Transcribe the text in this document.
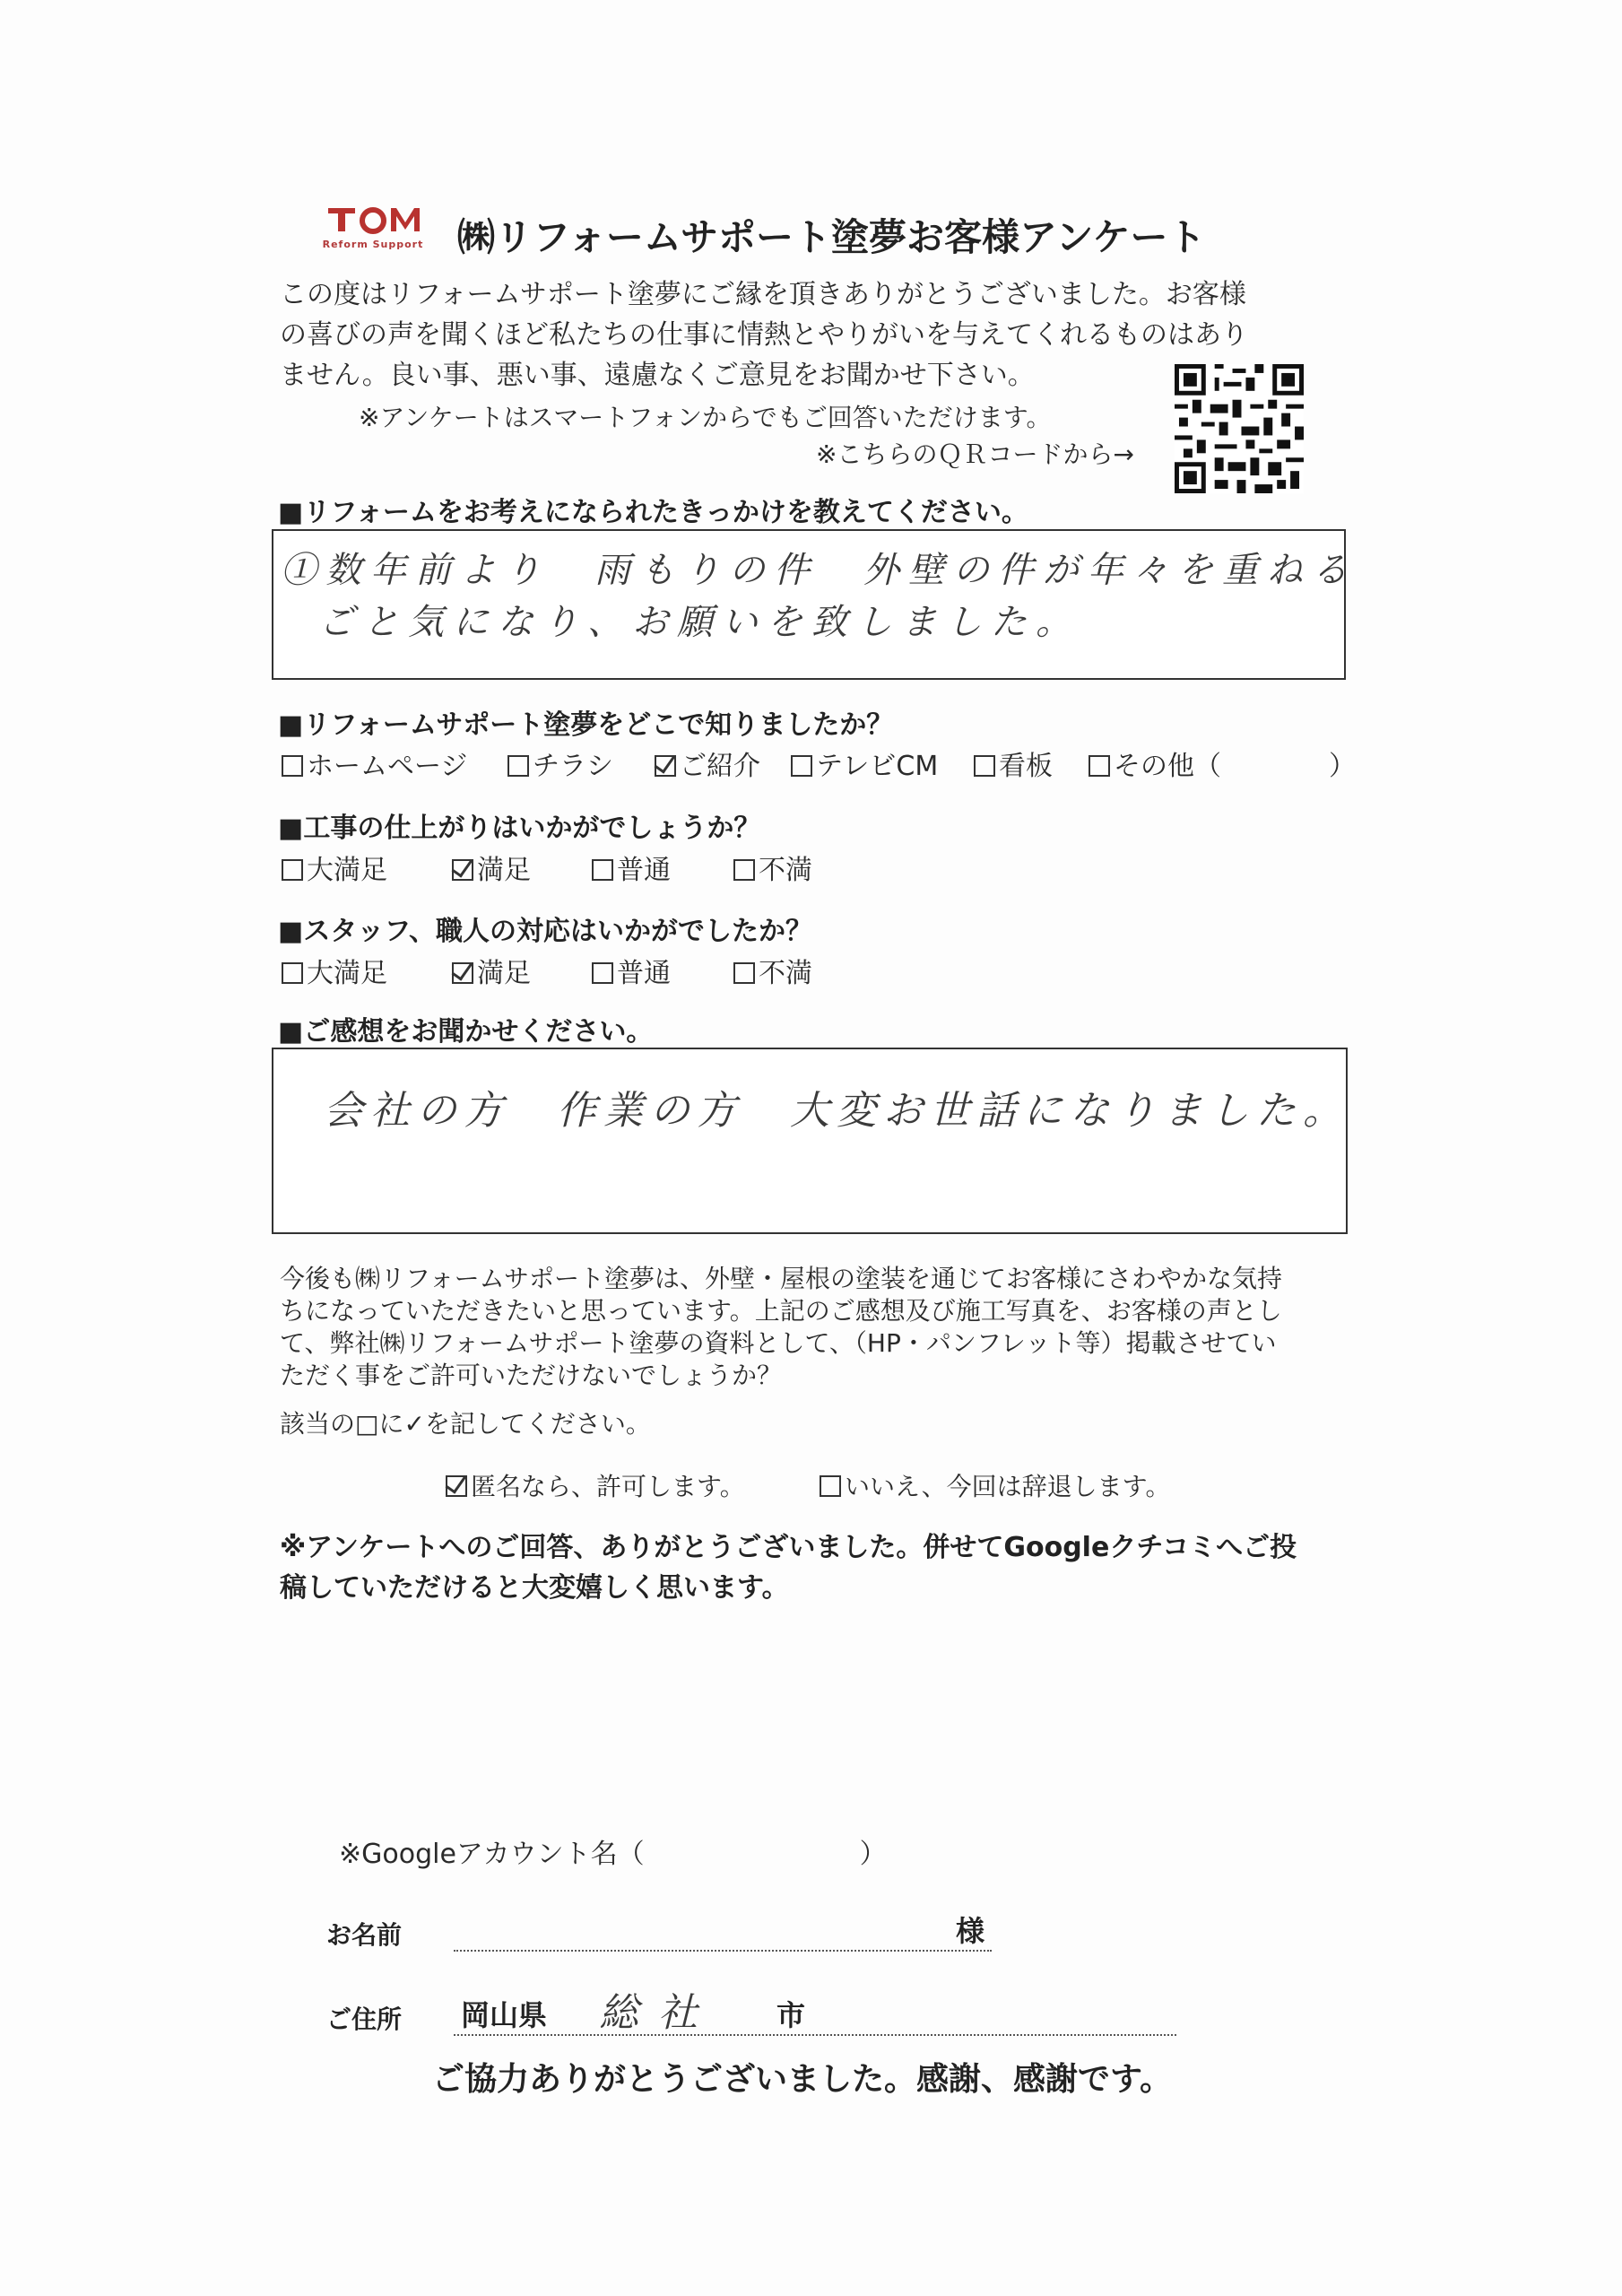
Reform Support ㈱リフォームサポート塗夢お客様アンケート
この度はリフォームサポート塗夢にご縁を頂きありがとうございました。お客様
の喜びの声を聞くほど私たちの仕事に情熱とやりがいを与えてくれるものはあり
ません。良い事、悪い事、遠慮なくご意見をお聞かせ下さい。
※アンケートはスマートフォンからでもご回答いただけます。
※こちらのＱＲコードから→
■リフォームをお考えになられたきっかけを教えてください。
①数年前より　雨もりの件　外壁の件が年々を重ねる
ごと気になり、お願いを致しました。
■リフォームサポート塗夢をどこで知りましたか？
ホームページ	チラシ	ご紹介	テレビCM	看板	その他（　　　　）
■工事の仕上がりはいかがでしょうか？
大満足	満足	普通	不満
■スタッフ、職人の対応はいかがでしたか？
大満足	満足	普通	不満
■ご感想をお聞かせください。
会社の方　作業の方　大変お世話になりました。
今後も㈱リフォームサポート塗夢は、外壁・屋根の塗装を通じてお客様にさわやかな気持
ちになっていただきたいと思っています。上記のご感想及び施工写真を、お客様の声とし
て、弊社㈱リフォームサポート塗夢の資料として、（HP・パンフレット等）掲載させてい
ただく事をご許可いただけないでしょうか？
該当の□に✓を記してください。
匿名なら、許可します。	いいえ、今回は辞退します。
※アンケートへのご回答、ありがとうございました。併せてGoogleクチコミへご投
稿していただけると大変嬉しく思います。
※Googleアカウント名（　　　　　　　　）
お名前	様
ご住所 岡山県 総社 市
ご協力ありがとうございました。感謝、感謝です。
